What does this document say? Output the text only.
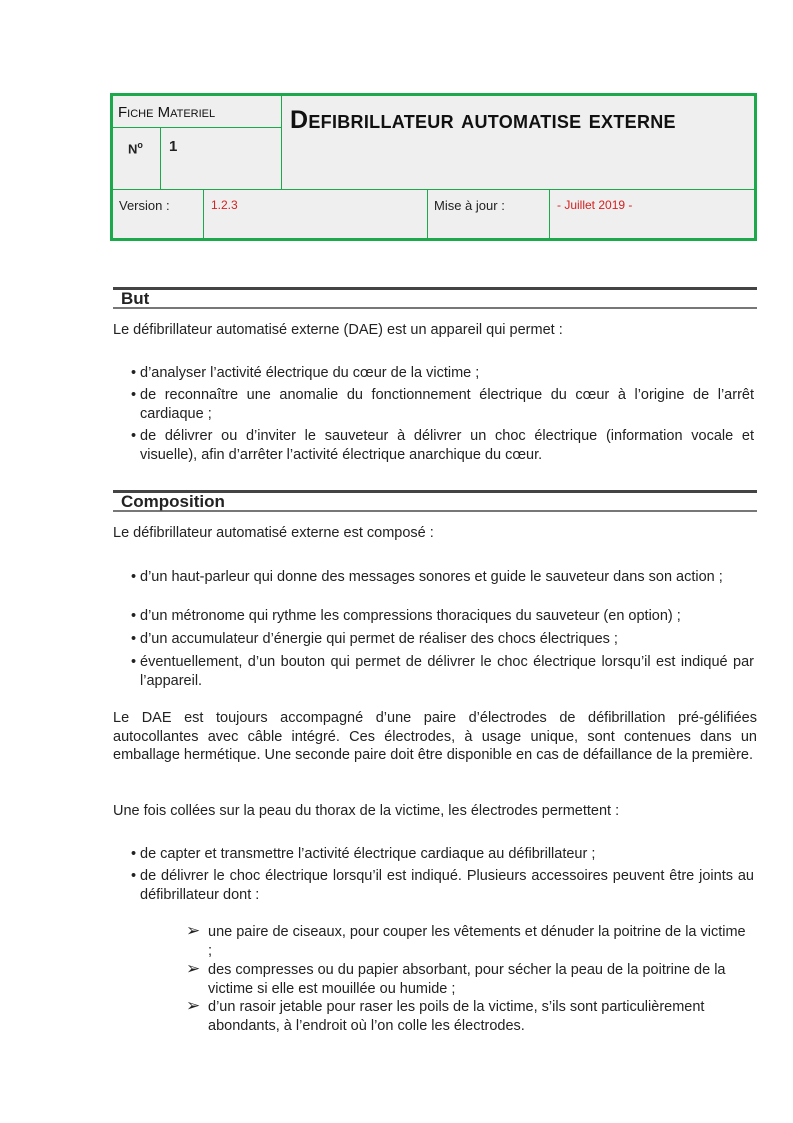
Fiche Materiel
$N^o$ 1
Defibrillateur automatise externe
Version :	1.2.3	Mise à jour :	- Juillet 2019 -
But
Le défibrillateur automatisé externe (DAE) est un appareil qui permet :
• d’analyser l’activité électrique du cœur de la victime ;
• de reconnaître une anomalie du fonctionnement électrique du cœur à l’origine de l’arrêt cardiaque ;
• de délivrer ou d’inviter le sauveteur à délivrer un choc électrique (information vocale et visuelle), afin d’arrêter l’activité électrique anarchique du cœur.
Composition
Le défibrillateur automatisé externe est composé :
• d’un haut-parleur qui donne des messages sonores et guide le sauveteur dans son action ;
• d’un métronome qui rythme les compressions thoraciques du sauveteur (en option) ;
• d’un accumulateur d’énergie qui permet de réaliser des chocs électriques ;
• éventuellement, d’un bouton qui permet de délivrer le choc électrique lorsqu’il est indiqué par l’appareil.
Le DAE est toujours accompagné d’une paire d’électrodes de défibrillation pré-gélifiées autocollantes avec câble intégré. Ces électrodes, à usage unique, sont contenues dans un emballage hermétique. Une seconde paire doit être disponible en cas de défaillance de la première.
Une fois collées sur la peau du thorax de la victime, les électrodes permettent :
• de capter et transmettre l’activité électrique cardiaque au défibrillateur ;
• de délivrer le choc électrique lorsqu’il est indiqué. Plusieurs accessoires peuvent être joints au défibrillateur dont :
➢ une paire de ciseaux, pour couper les vêtements et dénuder la poitrine de la victime ;
➢ des compresses ou du papier absorbant, pour sécher la peau de la poitrine de la victime si elle est mouillée ou humide ;
➢ d’un rasoir jetable pour raser les poils de la victime, s’ils sont particulièrement abondants, à l’endroit où l’on colle les électrodes.
